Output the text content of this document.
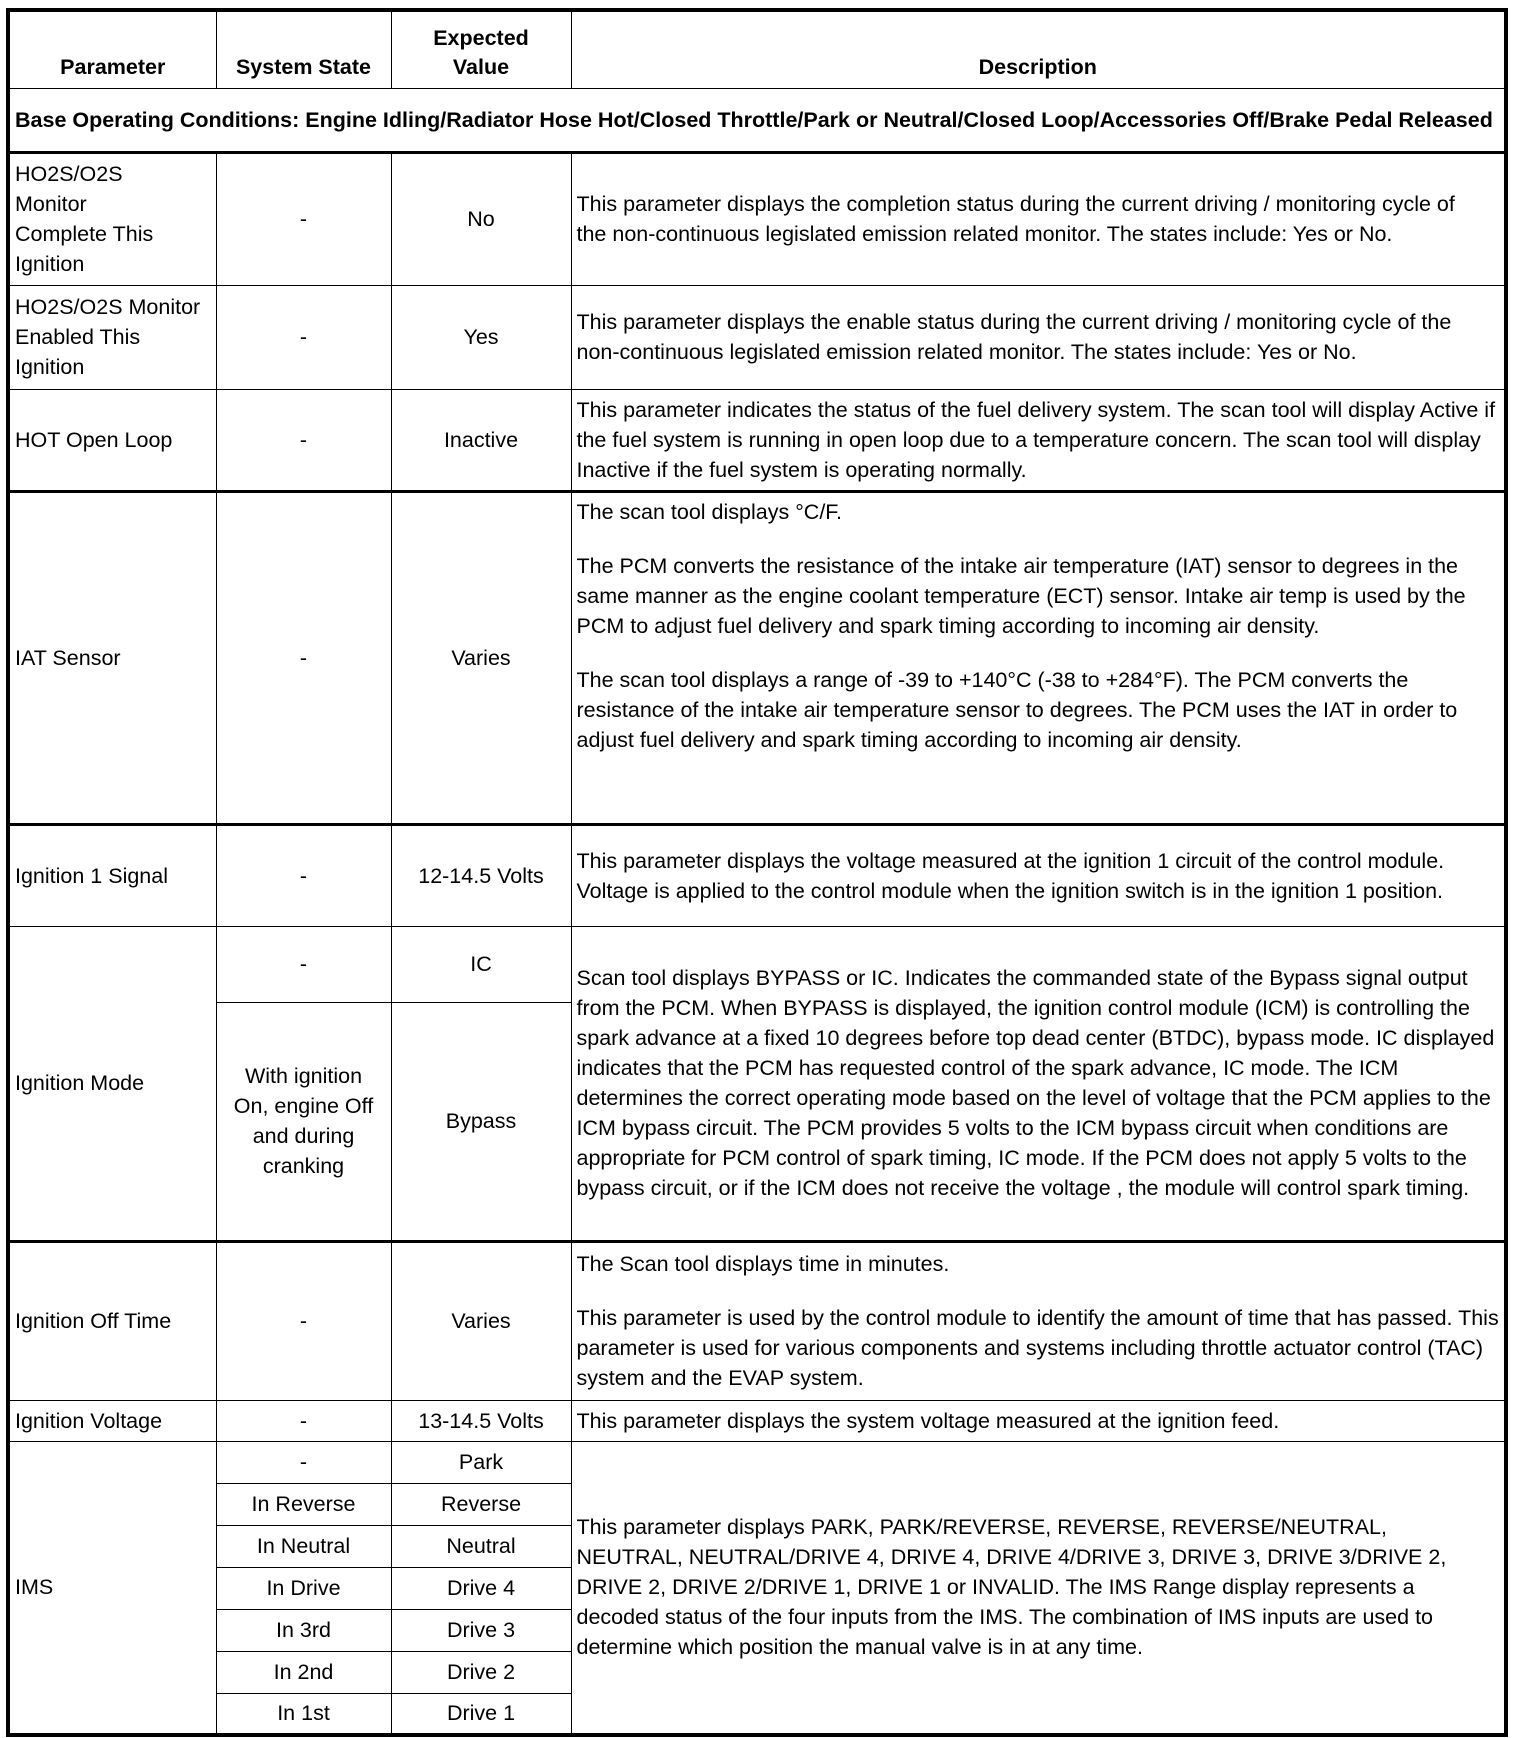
Parameter	System State	Expected Value	Description
Base Operating Conditions: Engine Idling/Radiator Hose Hot/Closed Throttle/Park or Neutral/Closed Loop/Accessories Off/Brake Pedal Released			
HO2S/O2S Monitor Complete This Ignition	-	No	This parameter displays the completion status during the current driving / monitoring cycle of the non-continuous legislated emission related monitor. The states include: Yes or No.
HO2S/O2S Monitor Enabled This Ignition	-	Yes	This parameter displays the enable status during the current driving / monitoring cycle of the non-continuous legislated emission related monitor. The states include: Yes or No.
HOT Open Loop	-	Inactive	This parameter indicates the status of the fuel delivery system. The scan tool will display Active if the fuel system is running in open loop due to a temperature concern. The scan tool will display Inactive if the fuel system is operating normally.
IAT Sensor	-	Varies	The scan tool displays °C/F.

The PCM converts the resistance of the intake air temperature (IAT) sensor to degrees in the same manner as the engine coolant temperature (ECT) sensor. Intake air temp is used by the PCM to adjust fuel delivery and spark timing according to incoming air density.

The scan tool displays a range of -39 to +140°C (-38 to +284°F). The PCM converts the resistance of the intake air temperature sensor to degrees. The PCM uses the IAT in order to adjust fuel delivery and spark timing according to incoming air density.

Ignition 1 Signal	-	12-14.5 Volts	This parameter displays the voltage measured at the ignition 1 circuit of the control module. Voltage is applied to the control module when the ignition switch is in the ignition 1 position.
Ignition Mode	-	IC	Scan tool displays BYPASS or IC. Indicates the commanded state of the Bypass signal output from the PCM. When BYPASS is displayed, the ignition control module (ICM) is controlling the spark advance at a fixed 10 degrees before top dead center (BTDC), bypass mode. IC displayed indicates that the PCM has requested control of the spark advance, IC mode. The ICM determines the correct operating mode based on the level of voltage that the PCM applies to the ICM bypass circuit. The PCM provides 5 volts to the ICM bypass circuit when conditions are appropriate for PCM control of spark timing, IC mode. If the PCM does not apply 5 volts to the bypass circuit, or if the ICM does not receive the voltage , the module will control spark timing.
	With ignition On, engine Off and during cranking	Bypass	
Ignition Off Time	-	Varies	The Scan tool displays time in minutes.

This parameter is used by the control module to identify the amount of time that has passed. This parameter is used for various components and systems including throttle actuator control (TAC) system and the EVAP system.

Ignition Voltage	-	13-14.5 Volts	This parameter displays the system voltage measured at the ignition feed.
IMS	-	Park	This parameter displays PARK, PARK/REVERSE, REVERSE, REVERSE/NEUTRAL, NEUTRAL, NEUTRAL/DRIVE 4, DRIVE 4, DRIVE 4/DRIVE 3, DRIVE 3, DRIVE 3/DRIVE 2, DRIVE 2, DRIVE 2/DRIVE 1, DRIVE 1 or INVALID. The IMS Range display represents a decoded status of the four inputs from the IMS. The combination of IMS inputs are used to determine which position the manual valve is in at any time.
	In Reverse	Reverse	
	In Neutral	Neutral	
	In Drive	Drive 4	
	In 3rd	Drive 3	
	In 2nd	Drive 2	
	In 1st	Drive 1	
